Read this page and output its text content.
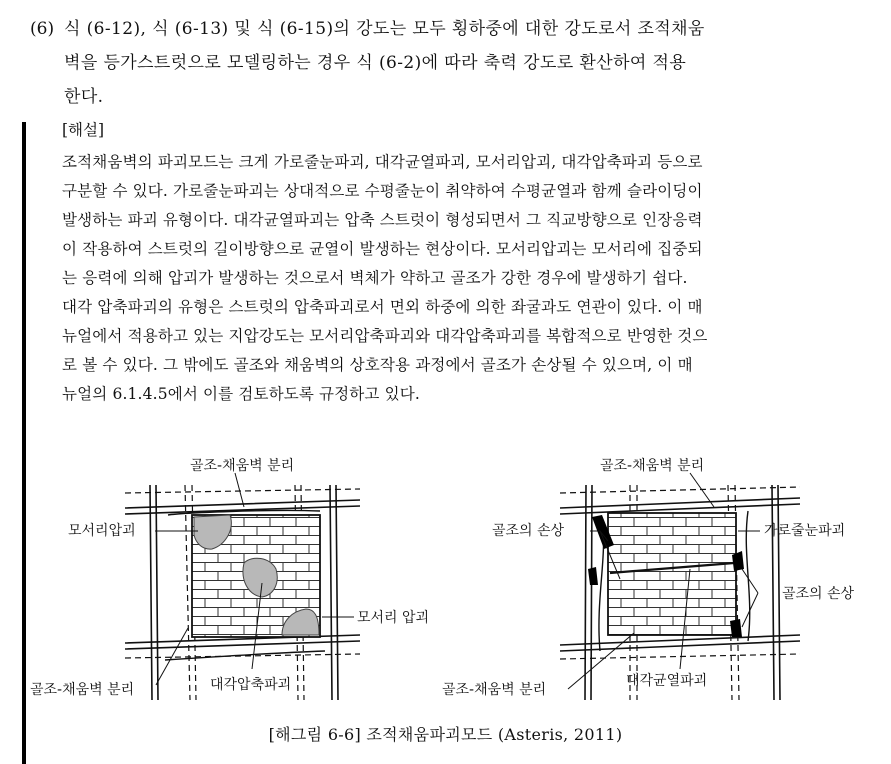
(6) 식 (6-12), 식 (6-13) 및 식 (6-15)의 강도는 모두 횡하중에 대한 강도로서 조적채움
벽을 등가스트럿으로 모델링하는 경우 식 (6-2)에 따라 축력 강도로 환산하여 적용
한다.
[해설]
조적채움벽의 파괴모드는 크게 가로줄눈파괴, 대각균열파괴, 모서리압괴, 대각압축파괴 등으로
구분할 수 있다. 가로줄눈파괴는 상대적으로 수평줄눈이 취약하여 수평균열과 함께 슬라이딩이
발생하는 파괴 유형이다. 대각균열파괴는 압축 스트럿이 형성되면서 그 직교방향으로 인장응력
이 작용하여 스트럿의 길이방향으로 균열이 발생하는 현상이다. 모서리압괴는 모서리에 집중되
는 응력에 의해 압괴가 발생하는 것으로서 벽체가 약하고 골조가 강한 경우에 발생하기 쉽다.
대각 압축파괴의 유형은 스트럿의 압축파괴로서 면외 하중에 의한 좌굴과도 연관이 있다. 이 매
뉴얼에서 적용하고 있는 지압강도는 모서리압축파괴와 대각압축파괴를 복합적으로 반영한 것으
로 볼 수 있다. 그 밖에도 골조와 채움벽의 상호작용 과정에서 골조가 손상될 수 있으며, 이 매
뉴얼의 6.1.4.5에서 이를 검토하도록 규정하고 있다.
골조-채움벽 분리
모서리압괴
모서리 압괴
골조-채움벽 분리	대각압축파괴
골조-채움벽 분리
골조의 손상	가로줄눈파괴
골조의 손상
골조-채움벽 분리
대각균열파괴
[해그림 6-6] 조적채움파괴모드 (Asteris, 2011)
